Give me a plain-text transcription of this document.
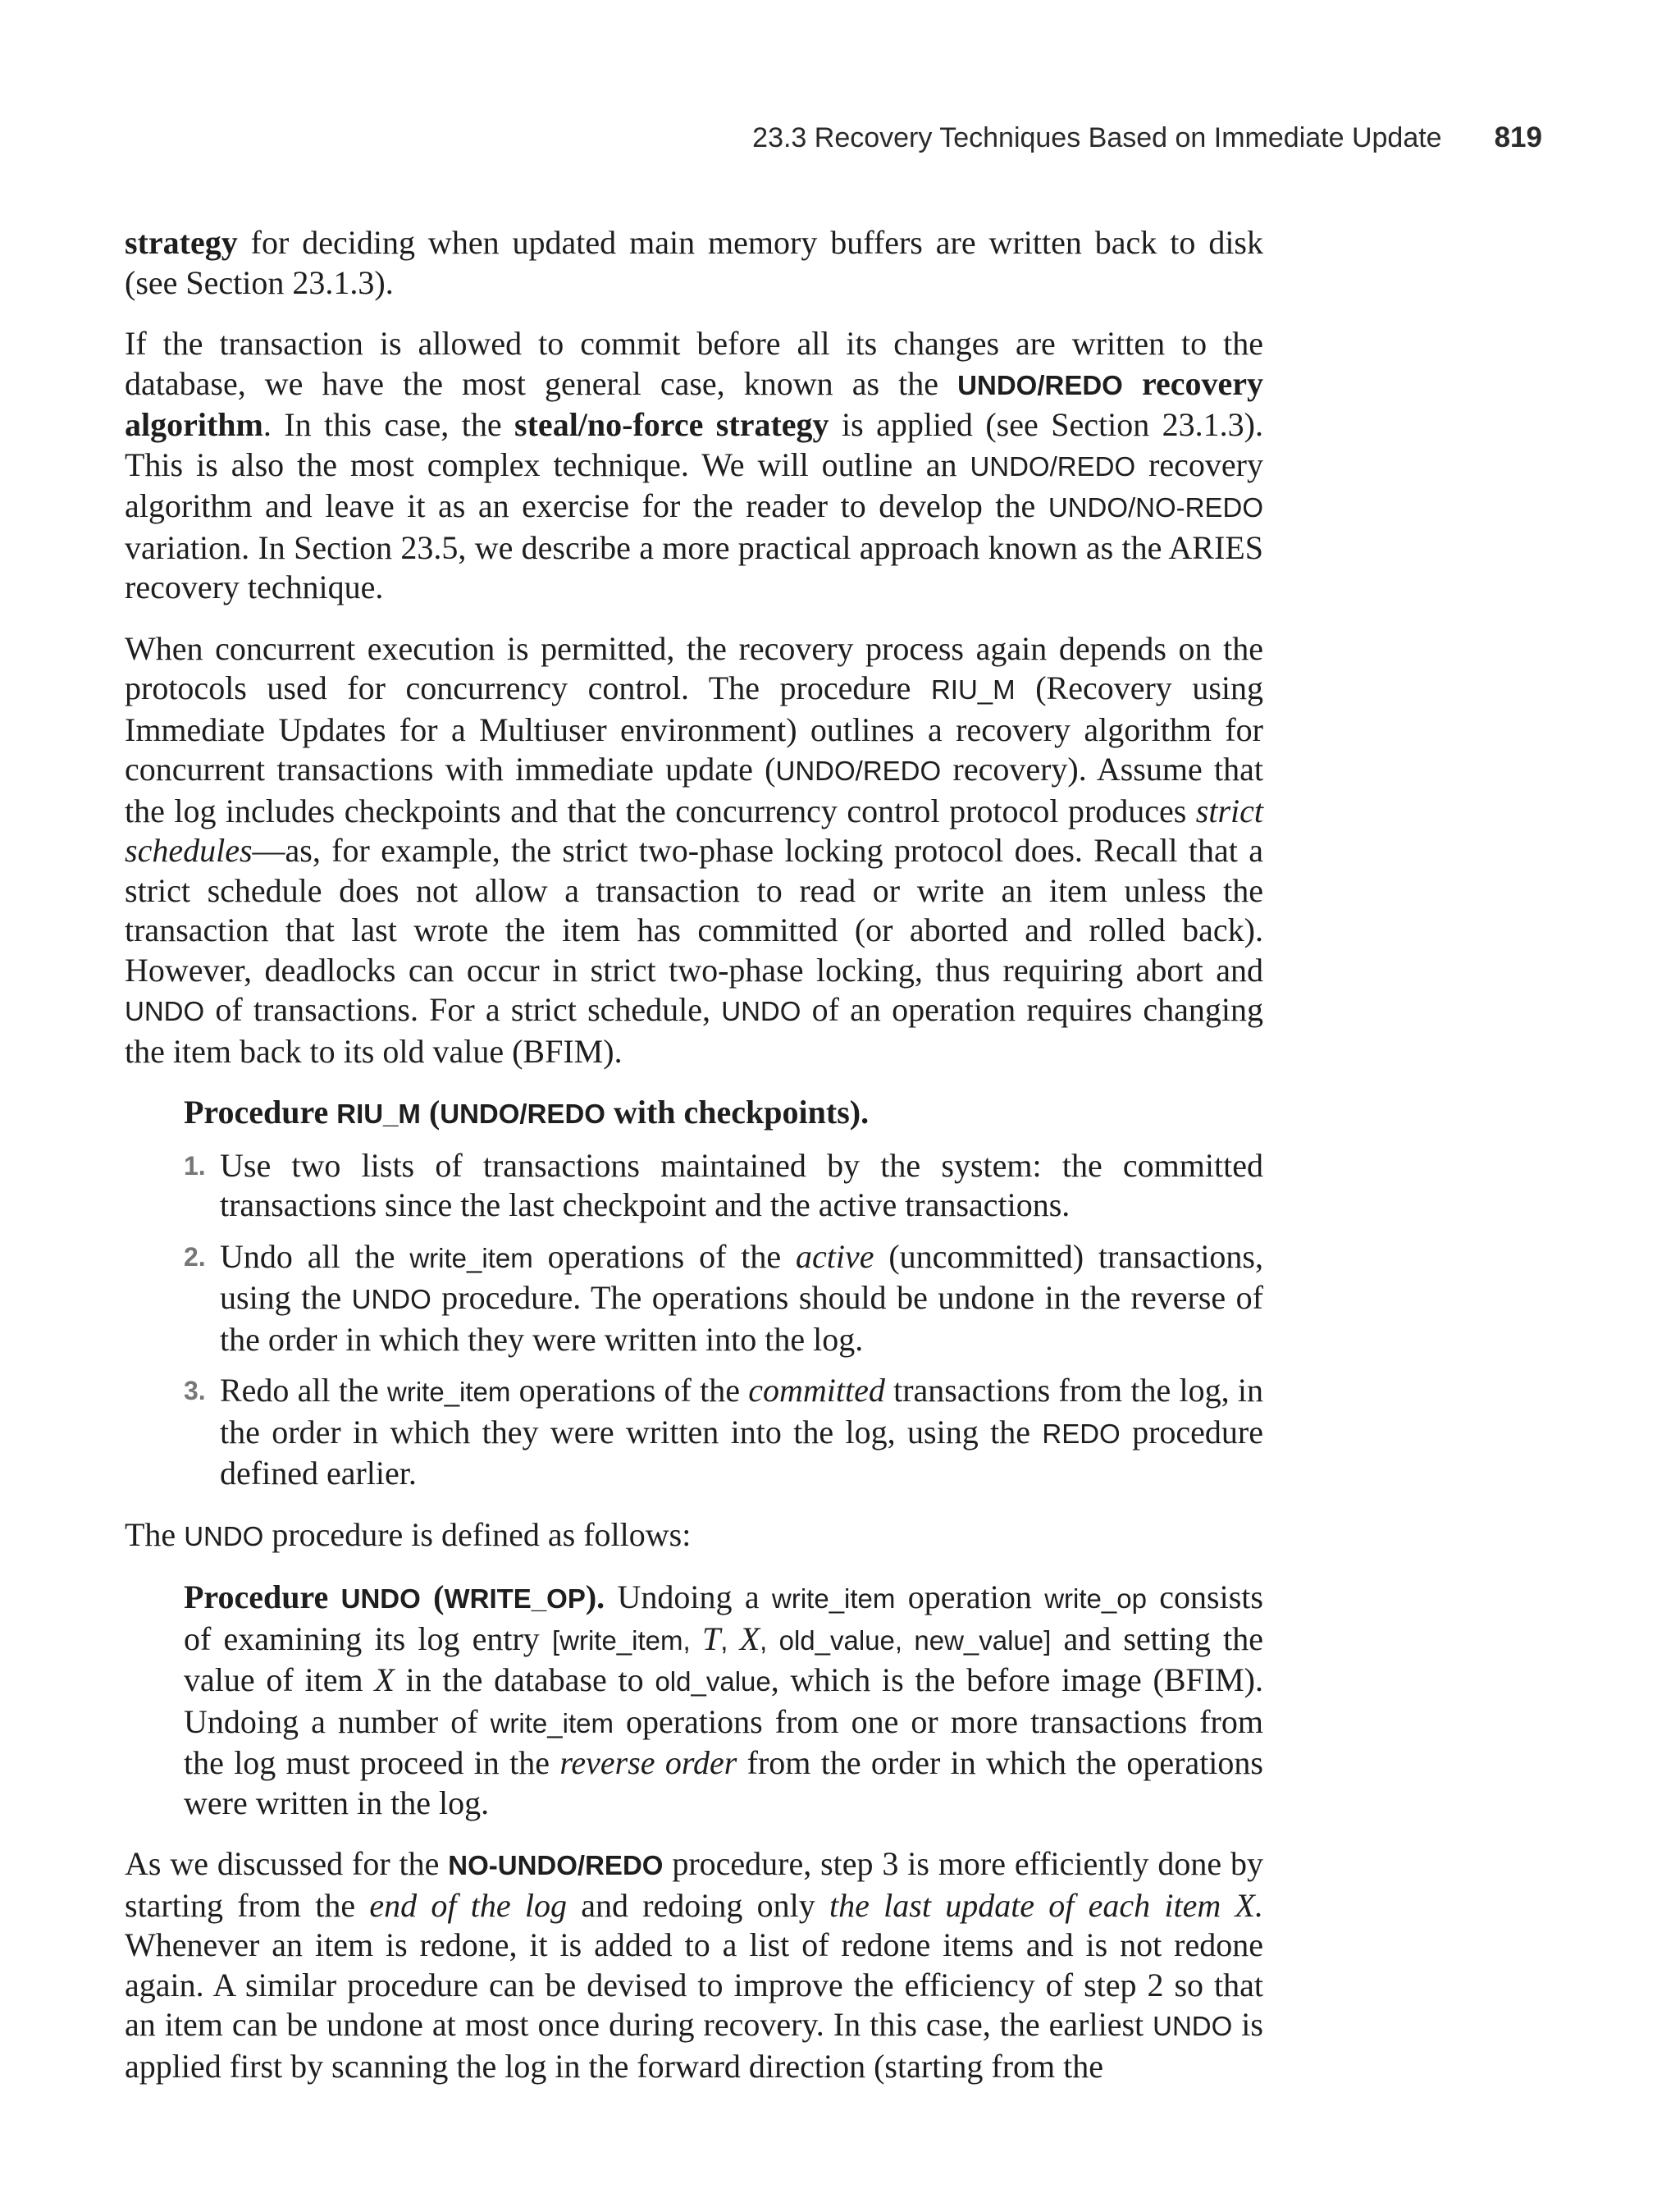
23.3 Recovery Techniques Based on Immediate Update 819

strategy for deciding when updated main memory buffers are written back to disk (see Section 23.1.3).

If the transaction is allowed to commit before all its changes are written to the database, we have the most general case, known as the UNDO/REDO recovery algorithm. In this case, the steal/no-force strategy is applied (see Section 23.1.3). This is also the most complex technique. We will outline an UNDO/REDO recovery algorithm and leave it as an exercise for the reader to develop the UNDO/NO-REDO variation. In Section 23.5, we describe a more practical approach known as the ARIES recovery technique.

When concurrent execution is permitted, the recovery process again depends on the protocols used for concurrency control. The procedure RIU_M (Recovery using Immediate Updates for a Multiuser environment) outlines a recovery algorithm for concurrent transactions with immediate update (UNDO/REDO recovery). Assume that the log includes checkpoints and that the concurrency control protocol produces strict schedules—as, for example, the strict two-phase locking protocol does. Recall that a strict schedule does not allow a transaction to read or write an item unless the transaction that last wrote the item has committed (or aborted and rolled back). However, deadlocks can occur in strict two-phase locking, thus requiring abort and UNDO of transactions. For a strict schedule, UNDO of an operation requires changing the item back to its old value (BFIM).

Procedure RIU_M (UNDO/REDO with checkpoints).

1. Use two lists of transactions maintained by the system: the committed transactions since the last checkpoint and the active transactions.
2. Undo all the write_item operations of the active (uncommitted) transactions, using the UNDO procedure. The operations should be undone in the reverse of the order in which they were written into the log.
3. Redo all the write_item operations of the committed transactions from the log, in the order in which they were written into the log, using the REDO procedure defined earlier.

The UNDO procedure is defined as follows:

Procedure UNDO (WRITE_OP). Undoing a write_item operation write_op consists of examining its log entry [write_item, T, X, old_value, new_value] and setting the value of item X in the database to old_value, which is the before image (BFIM). Undoing a number of write_item operations from one or more transactions from the log must proceed in the reverse order from the order in which the operations were written in the log.

As we discussed for the NO-UNDO/REDO procedure, step 3 is more efficiently done by starting from the end of the log and redoing only the last update of each item X. Whenever an item is redone, it is added to a list of redone items and is not redone again. A similar procedure can be devised to improve the efficiency of step 2 so that an item can be undone at most once during recovery. In this case, the earliest UNDO is applied first by scanning the log in the forward direction (starting from the
